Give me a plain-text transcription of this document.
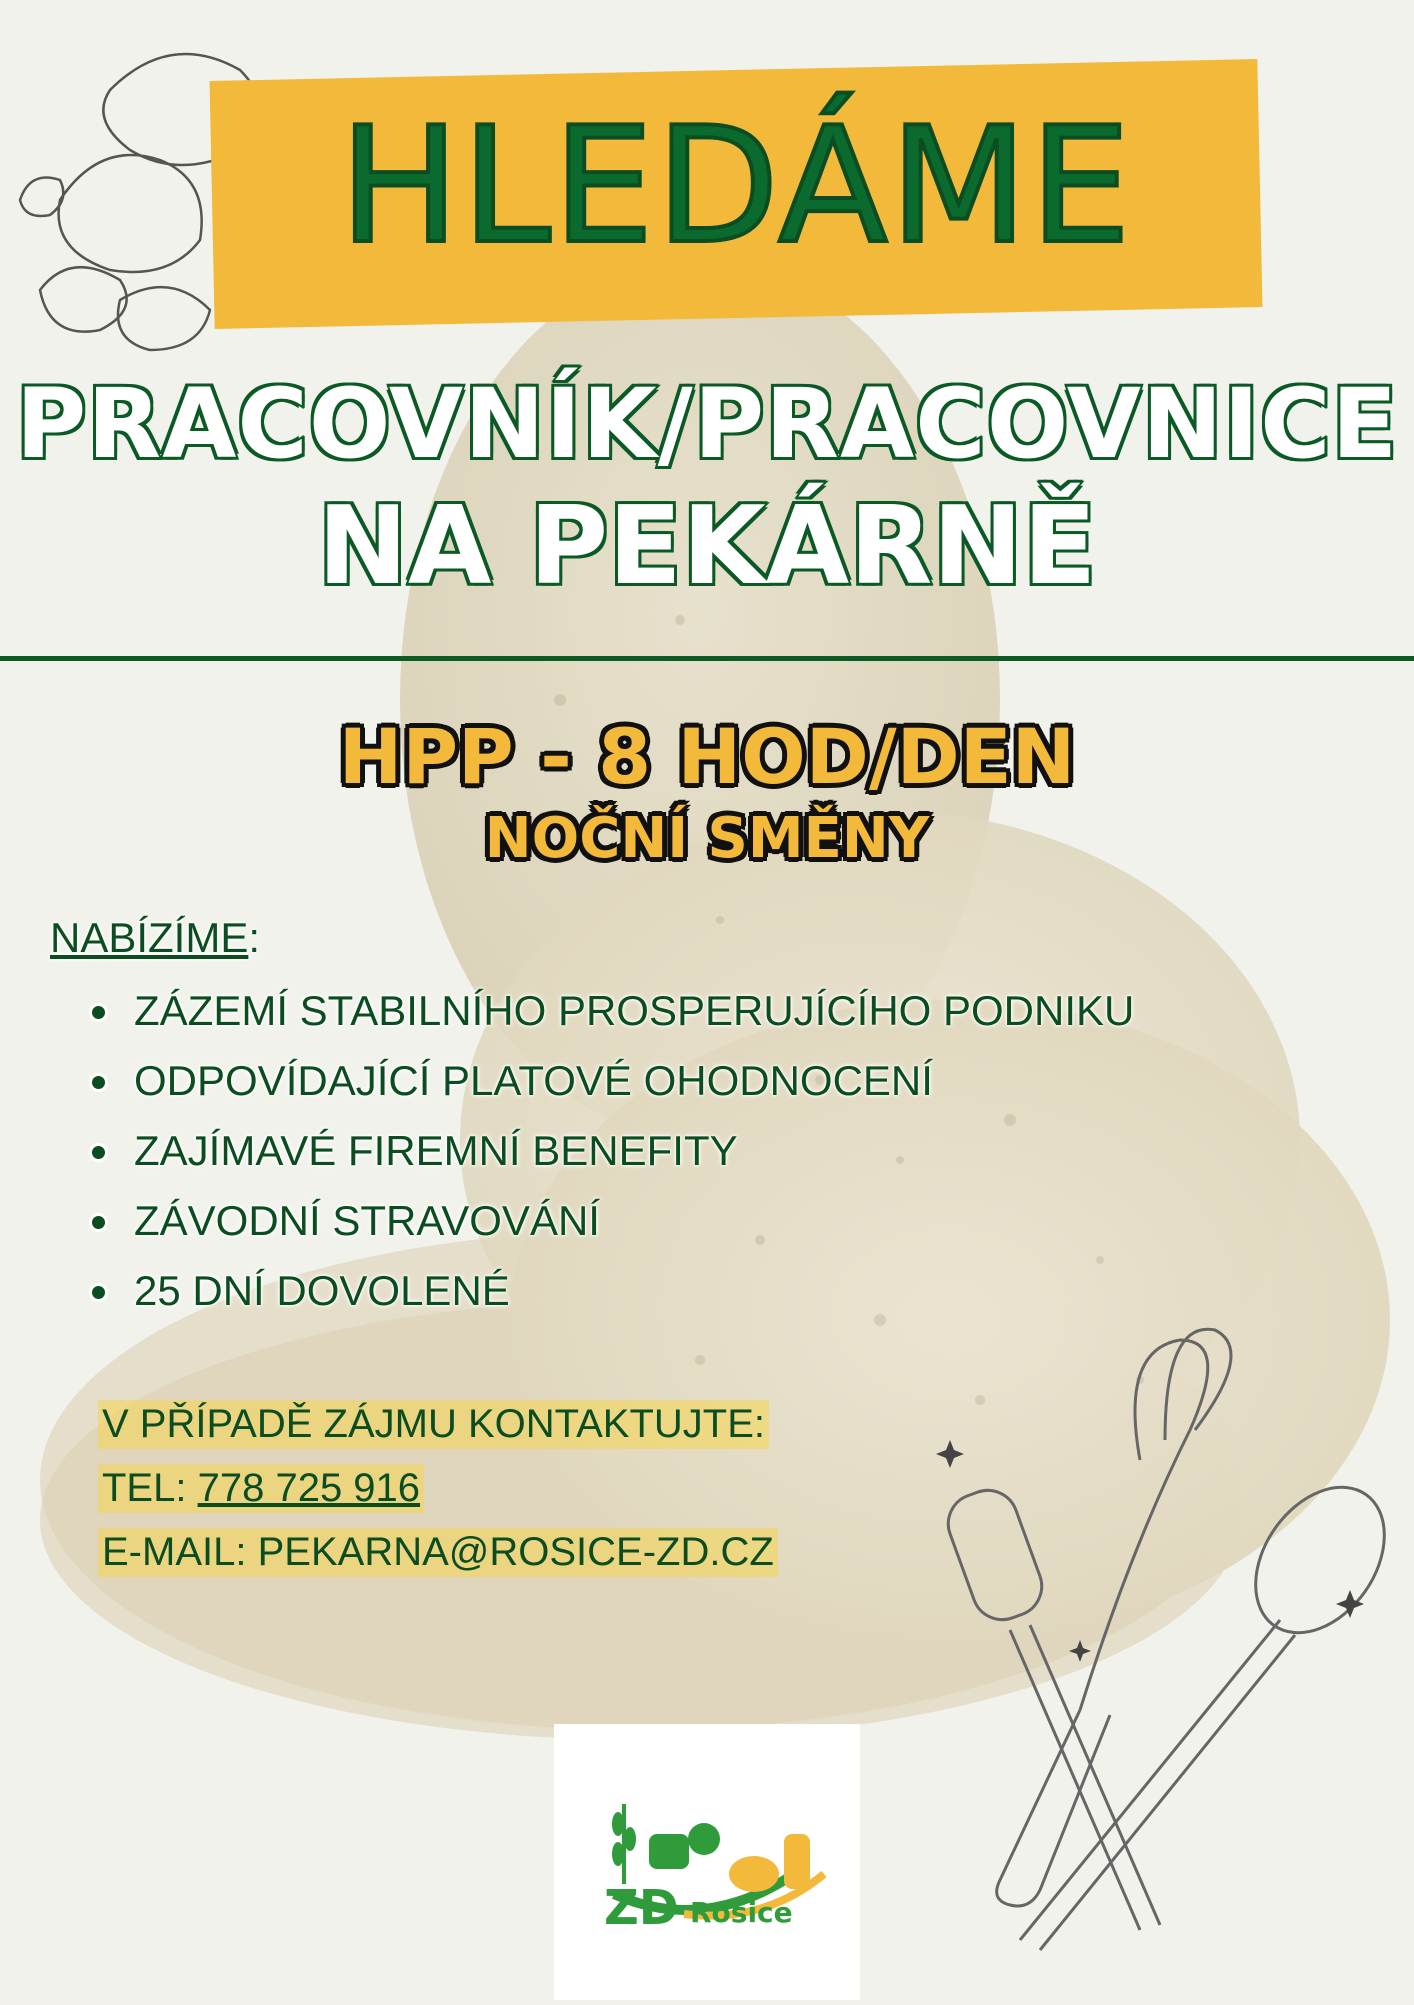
HLEDÁME
PRACOVNÍK/PRACOVNICE
NA PEKÁRNĚ
HPP - 8 HOD/DEN
NOČNÍ SMĚNY
NABÍZÍME:
ZÁZEMÍ STABILNÍHO PROSPERUJÍCÍHO PODNIKU
ODPOVÍDAJÍCÍ PLATOVÉ OHODNOCENÍ
ZAJÍMAVÉ FIREMNÍ BENEFITY
ZÁVODNÍ STRAVOVÁNÍ
25 DNÍ DOVOLENÉ
V PŘÍPADĚ ZÁJMU KONTAKTUJTE:
TEL: 778 725 916
E-MAIL: PEKARNA@ROSICE-ZD.CZ
ZD Rosice
